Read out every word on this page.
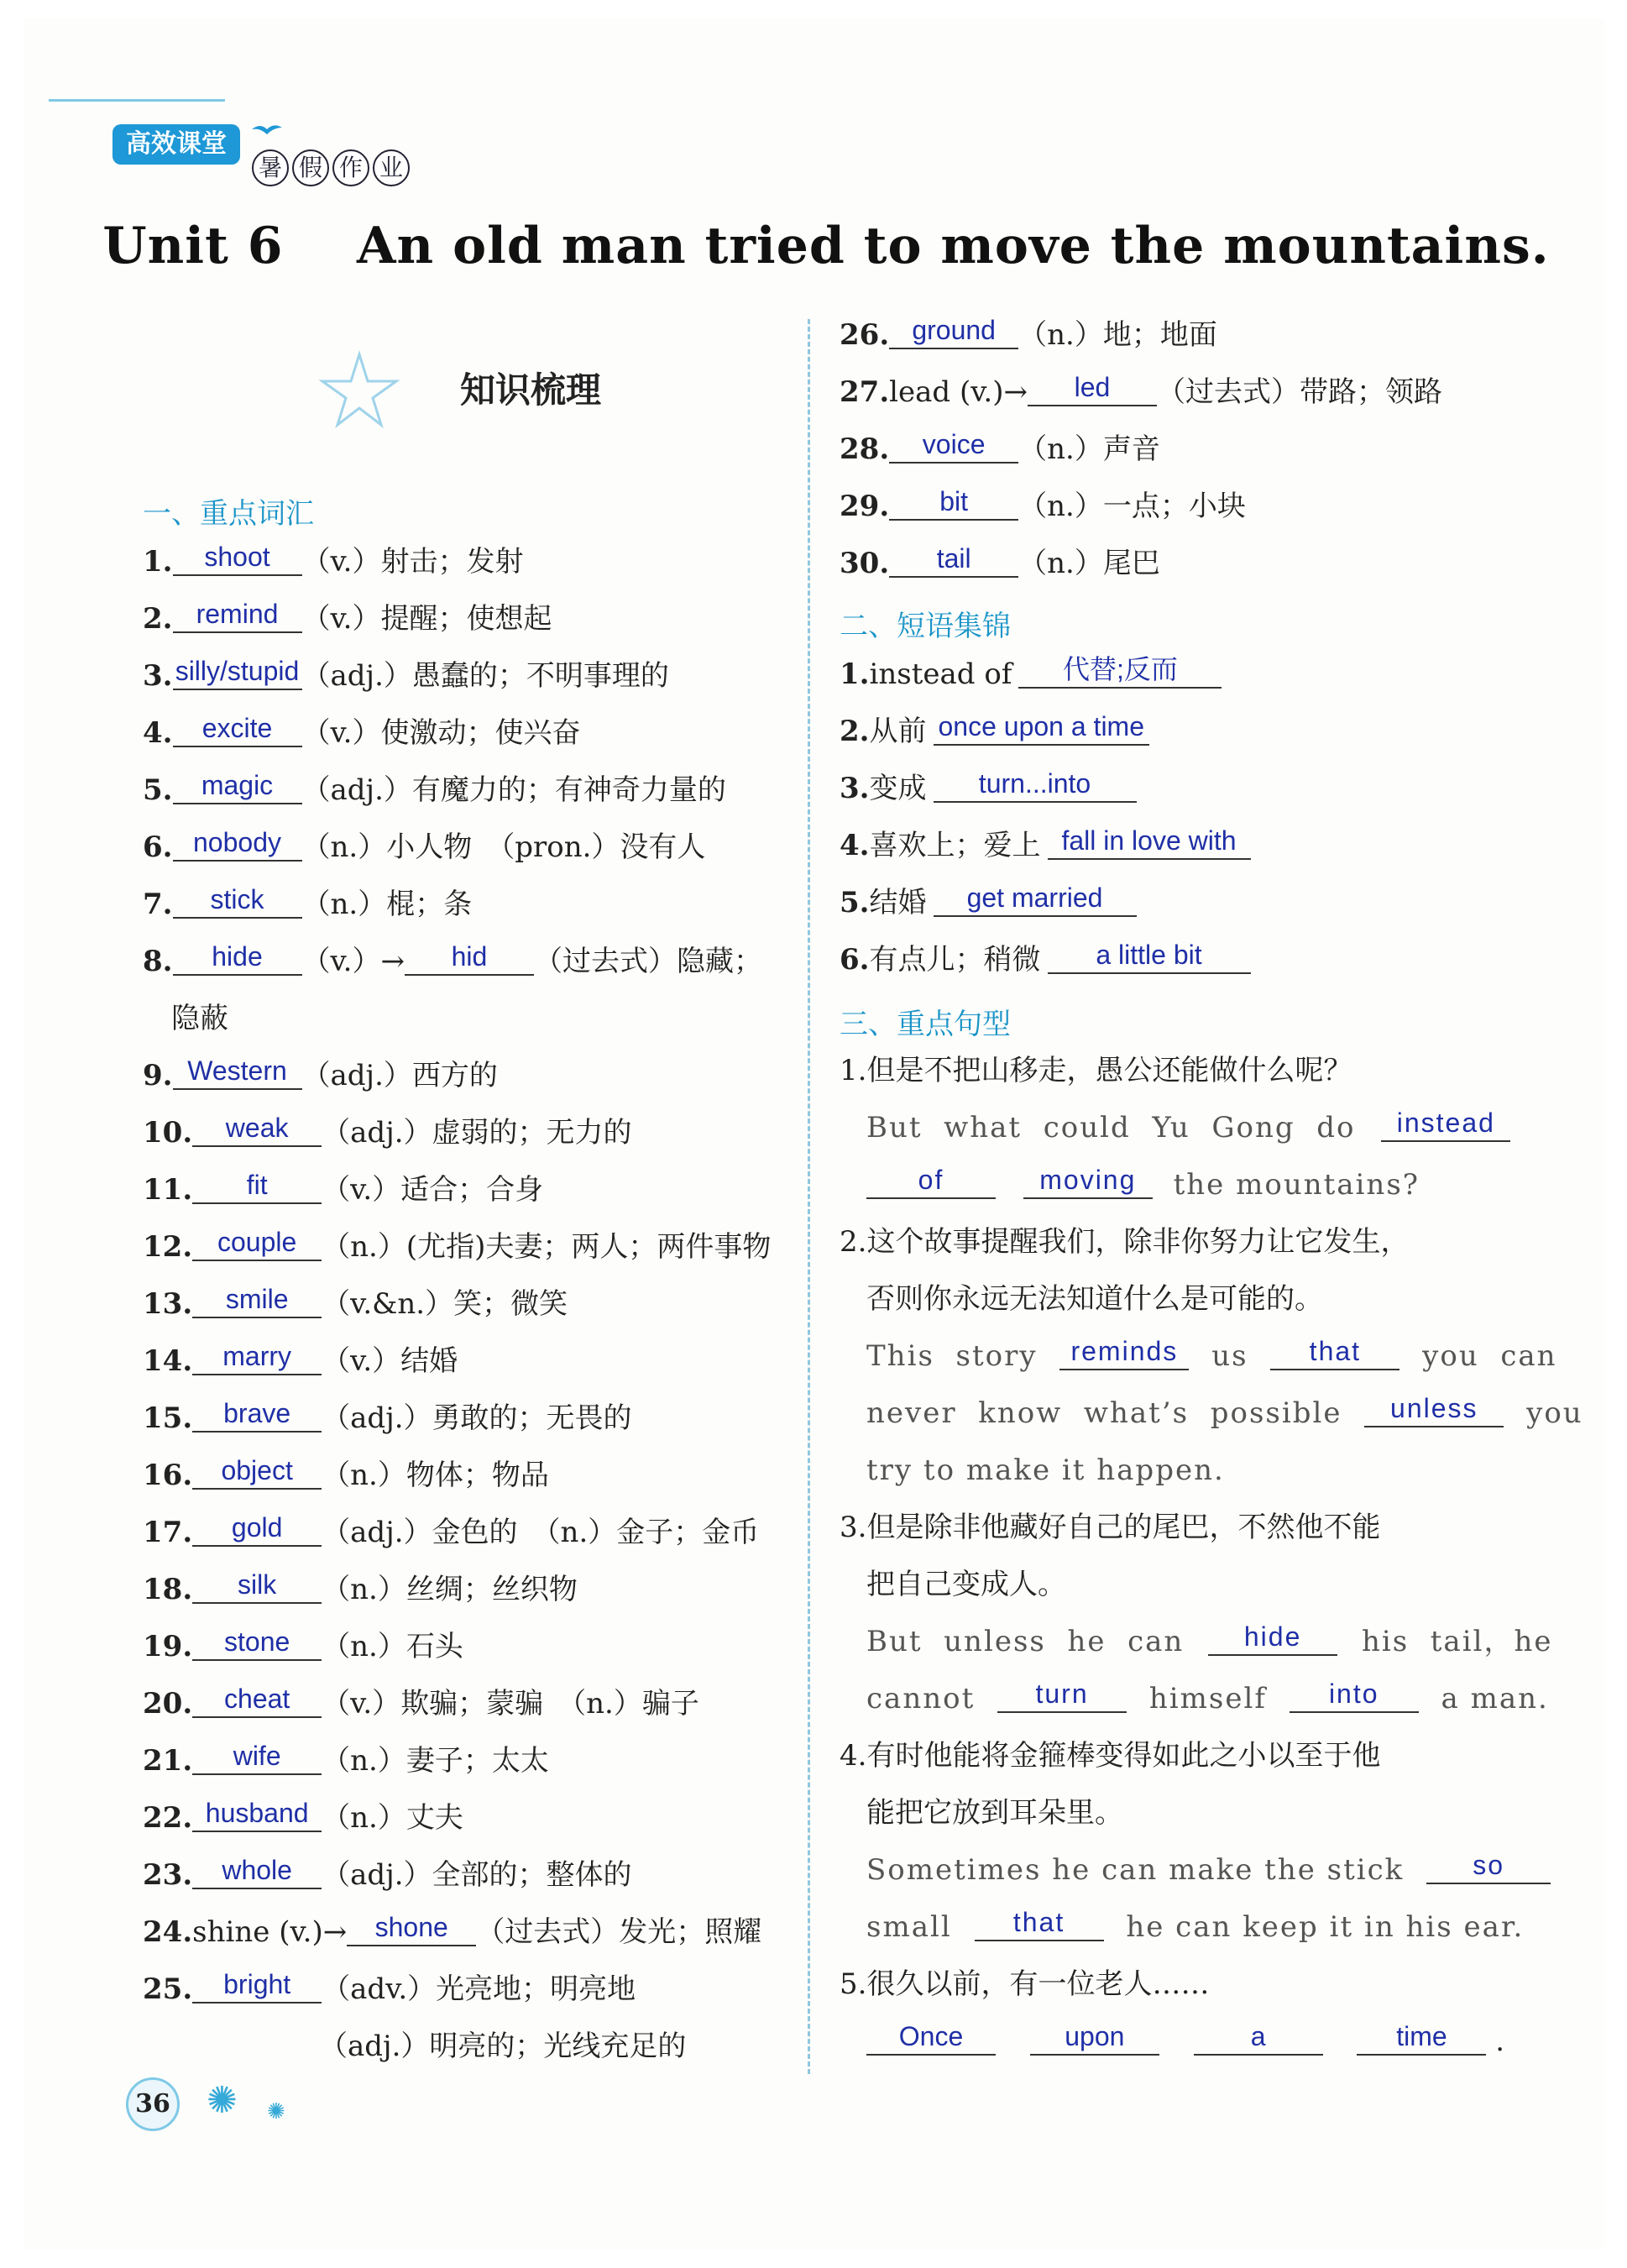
高效课堂
暑 假 作 业
Unit 6    An old man tried to move the mountains.
知识梳理
一、重点词汇
1. shoot （v.）射击；发射
2. remind （v.）提醒；使想起
3.silly/stupid（adj.）愚蠢的；不明事理的
4. excite （v.）使激动；使兴奋
5. magic （adj.）有魔力的；有神奇力量的
6. nobody （n.）小人物　（pron.）没有人
7. stick （n.）棍；条
8. hide （v.）→ hid （过去式）隐藏；
隐蔽
9. Western （adj.）西方的
10. weak （adj.）虚弱的；无力的
11. fit （v.）适合；合身
12. couple （n.）(尤指)夫妻；两人；两件事物
13. smile （v.&n.）笑；微笑
14. marry （v.）结婚
15. brave （adj.）勇敢的；无畏的
16. object （n.）物体；物品
17. gold （adj.）金色的　（n.）金子；金币
18. silk （n.）丝绸；丝织物
19. stone （n.）石头
20. cheat （v.）欺骗；蒙骗　（n.）骗子
21. wife （n.）妻子；太太
22. husband （n.）丈夫
23. whole （adj.）全部的；整体的
24.shine (v.)→ shone （过去式）发光；照耀
25. bright （adv.）光亮地；明亮地
（adj.）明亮的；光线充足的
26. ground （n.）地；地面
27.lead (v.)→ led （过去式）带路；领路
28. voice （n.）声音
29. bit （n.）一点；小块
30. tail （n.）尾巴
二、短语集锦
1.instead of 代替;反而
2.从前 once upon a time
3.变成 turn...into
4.喜欢上；爱上 fall in love with
5.结婚 get married
6.有点儿；稍微 a little bit
三、重点句型
1.但是不把山移走，愚公还能做什么呢？
But  what  could  Yu  Gong  do instead
of	moving the mountains?
2.这个故事提醒我们，除非你努力让它发生，
否则你永远无法知道什么是可能的。
This  story reminds us that you  can
never  know  what’s  possible unless you
try to make it happen.
3.但是除非他藏好自己的尾巴，不然他不能
把自己变成人。
But  unless  he  can hide his  tail，he
cannot turn himself into a man.
4.有时他能将金箍棒变得如此之小以至于他
能把它放到耳朵里。
Sometimes he can make the stick	so
small that he can keep it in his ear.
5.很久以前，有一位老人……
Once	upon	a	time .
36 ✺ ✺
